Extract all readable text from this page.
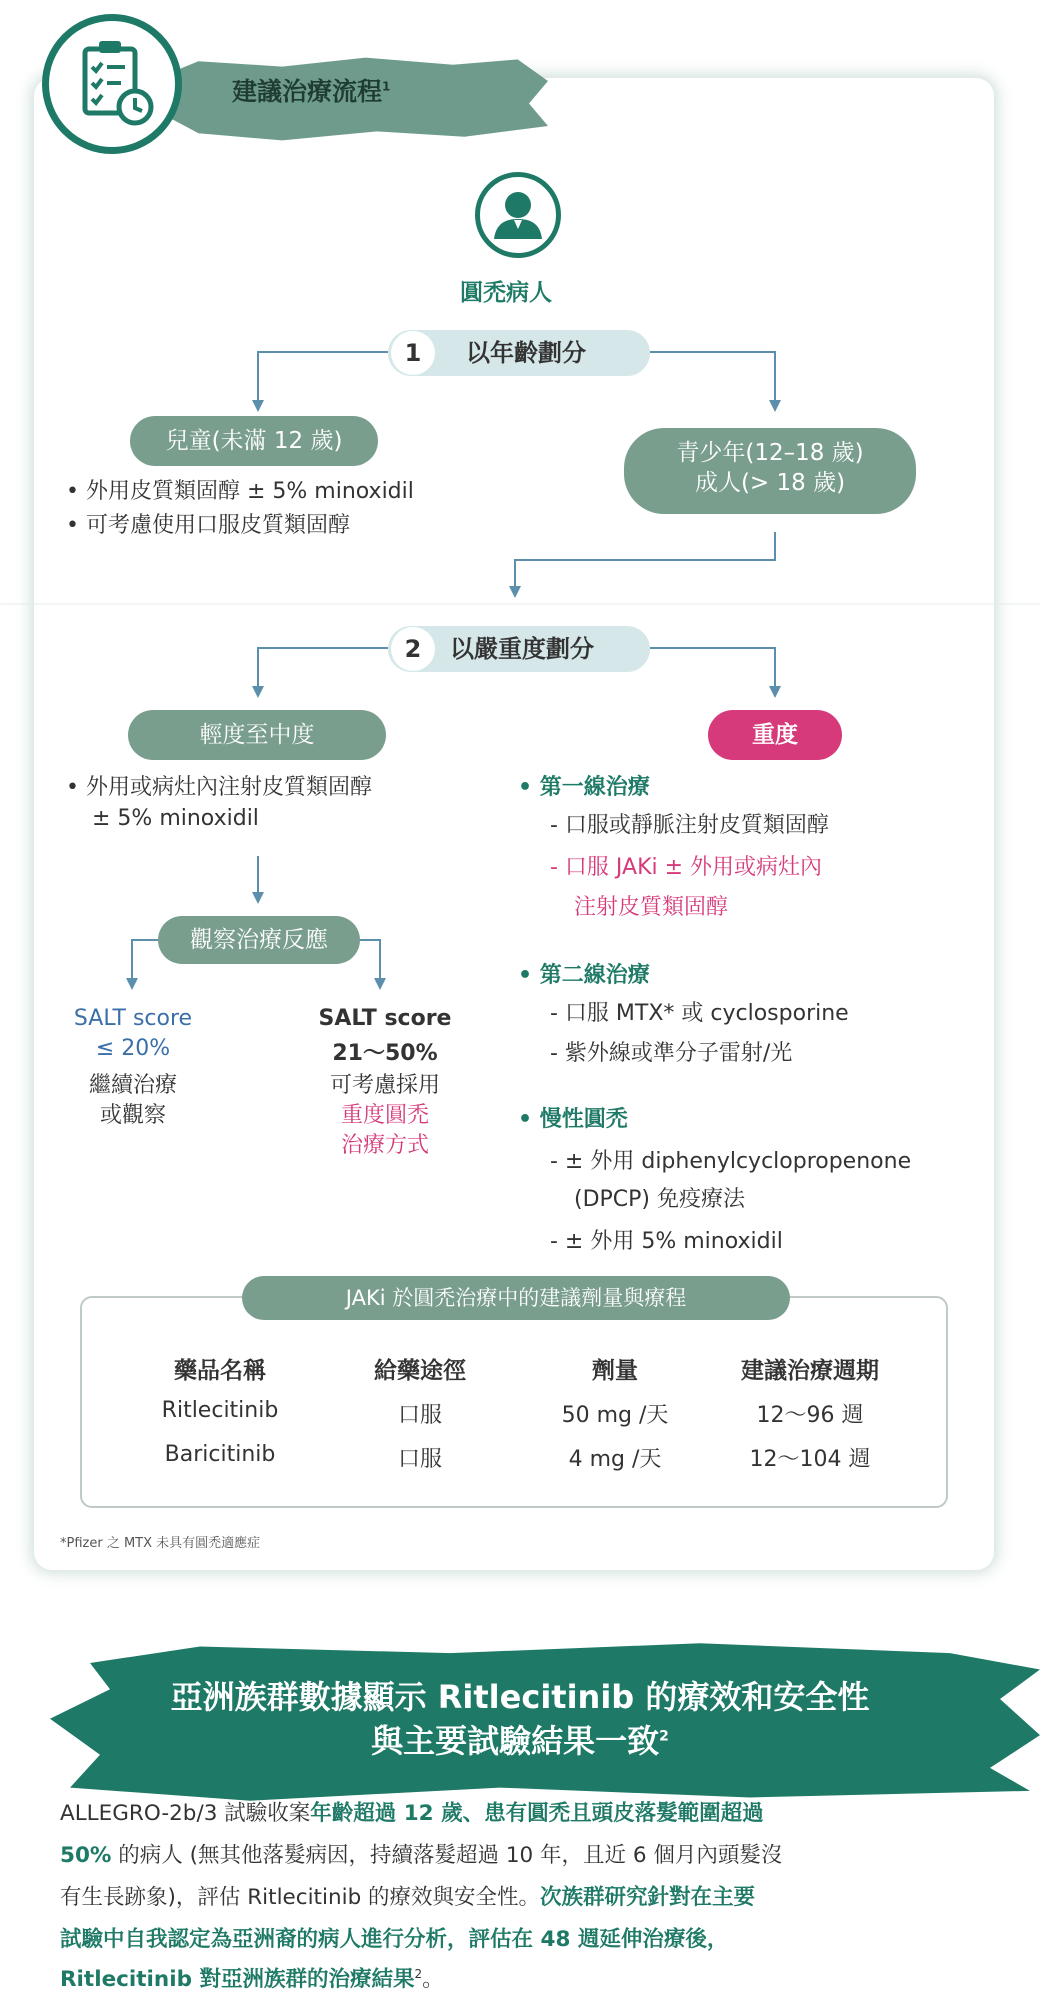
建議治療流程$^1$
圓禿病人
1	以年齡劃分
兒童(未滿 12 歲)
• 外用皮質類固醇 ± 5% minoxidil
• 可考慮使用口服皮質類固醇
青少年(12–18 歲)
成人(> 18 歲)
2	以嚴重度劃分
輕度至中度
• 外用或病灶內注射皮質類固醇
± 5% minoxidil
觀察治療反應
SALT score
≤ 20%
繼續治療
或觀察
SALT score
21～50%
可考慮採用
重度圓禿
治療方式
重度
• 第一線治療
- 口服或靜脈注射皮質類固醇
- 口服 JAKi ± 外用或病灶內
注射皮質類固醇
• 第二線治療
- 口服 MTX* 或 cyclosporine
- 紫外線或準分子雷射/光
• 慢性圓禿
- ± 外用 diphenylcyclopropenone
(DPCP) 免疫療法
- ± 外用 5% minoxidil
JAKi 於圓禿治療中的建議劑量與療程
藥品名稱	給藥途徑	劑量	建議治療週期
Ritlecitinib	口服	50 mg /天	12～96 週
Baricitinib	口服	4 mg /天	12～104 週
*Pfizer 之 MTX 未具有圓禿適應症
亞洲族群數據顯示 Ritlecitinib 的療效和安全性
與主要試驗結果一致$^2$
ALLEGRO-2b/3 試驗收案年齡超過 12 歲、患有圓禿且頭皮落髮範圍超過
50% 的病人 (無其他落髮病因，持續落髮超過 10 年，且近 6 個月內頭髮沒
有生長跡象)，評估 Ritlecitinib 的療效與安全性。次族群研究針對在主要
試驗中自我認定為亞洲裔的病人進行分析，評估在 48 週延伸治療後，
Ritlecitinib 對亞洲族群的治療結果$^2$。
